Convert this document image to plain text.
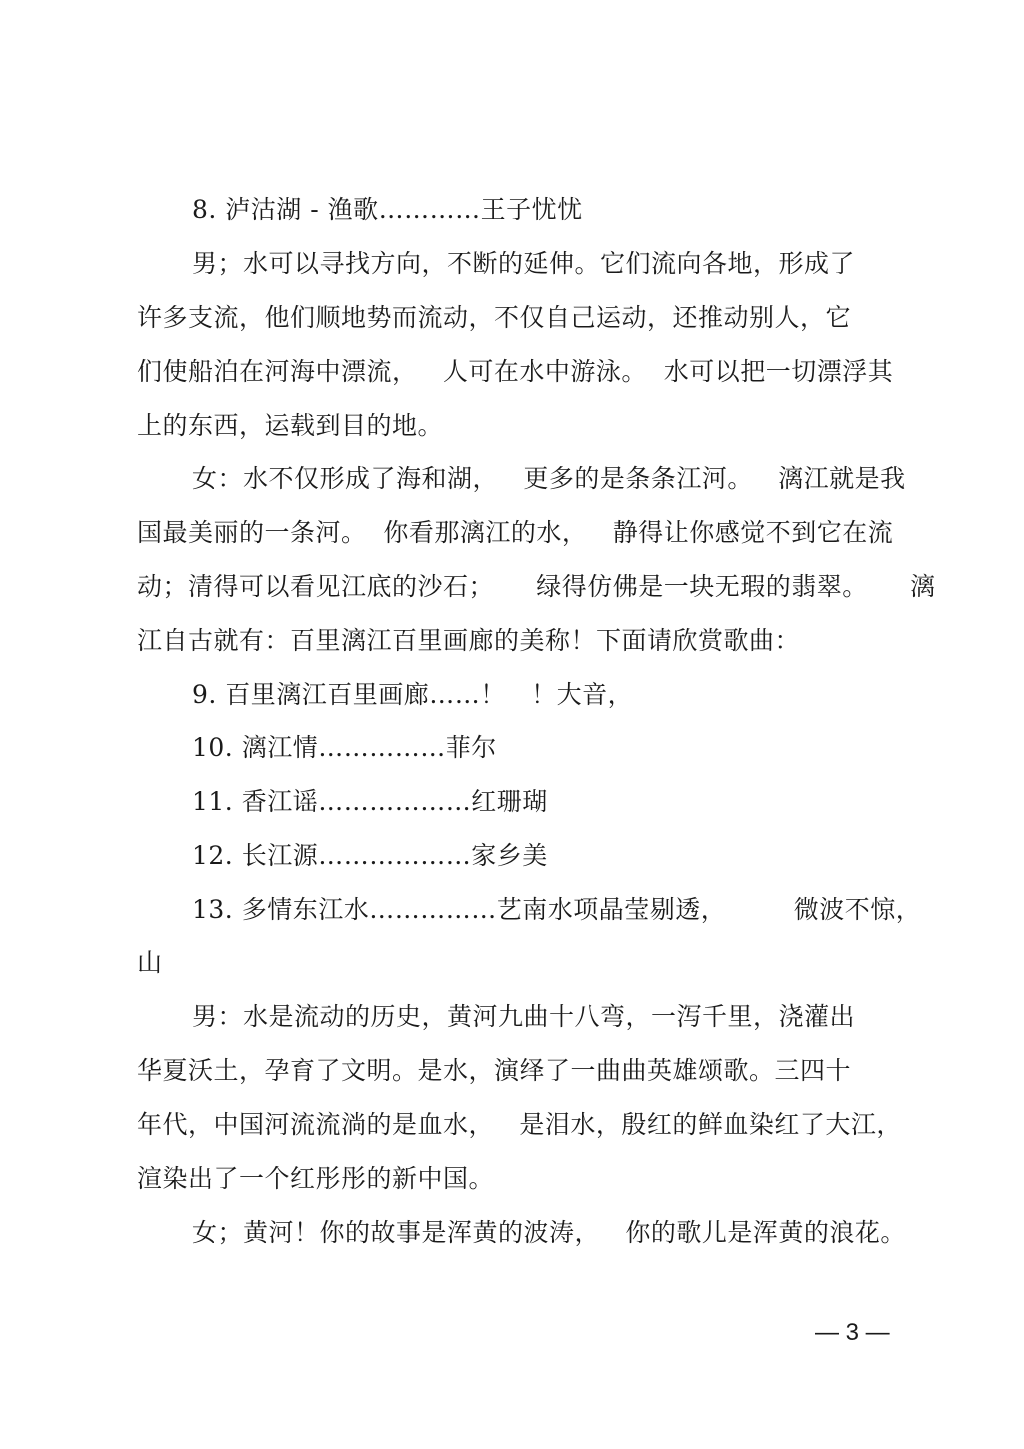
8. 泸沽湖 - 渔歌…………王子忧忧
男；水可以寻找方向，不断的延伸。它们流向各地，形成了
许多支流，他们顺地势而流动，不仅自己运动，还推动别人，它
们使船泊在河海中漂流，   人可在水中游泳。  水可以把一切漂浮其
上的东西，运载到目的地。
女：水不仅形成了海和湖，   更多的是条条江河。   漓江就是我
国最美丽的一条河。  你看那漓江的水，   静得让你感觉不到它在流
动；清得可以看见江底的沙石；     绿得仿佛是一块无瑕的翡翠。     漓
江自古就有：百里漓江百里画廊的美称！下面请欣赏歌曲：
9. 百里漓江百里画廊……！   ！大音，
10. 漓江情……………菲尔
11. 香江谣………………红珊瑚
12. 长江源………………家乡美
13. 多情东江水……………艺南水项晶莹剔透，        微波不惊，
山
男：水是流动的历史，黄河九曲十八弯，一泻千里，浇灌出
华夏沃土，孕育了文明。是水，演绎了一曲曲英雄颂歌。三四十
年代，中国河流流淌的是血水，   是泪水，殷红的鲜血染红了大江，
渲染出了一个红彤彤的新中国。
女；黄河！你的故事是浑黄的波涛，   你的歌儿是浑黄的浪花。
— 3 —
